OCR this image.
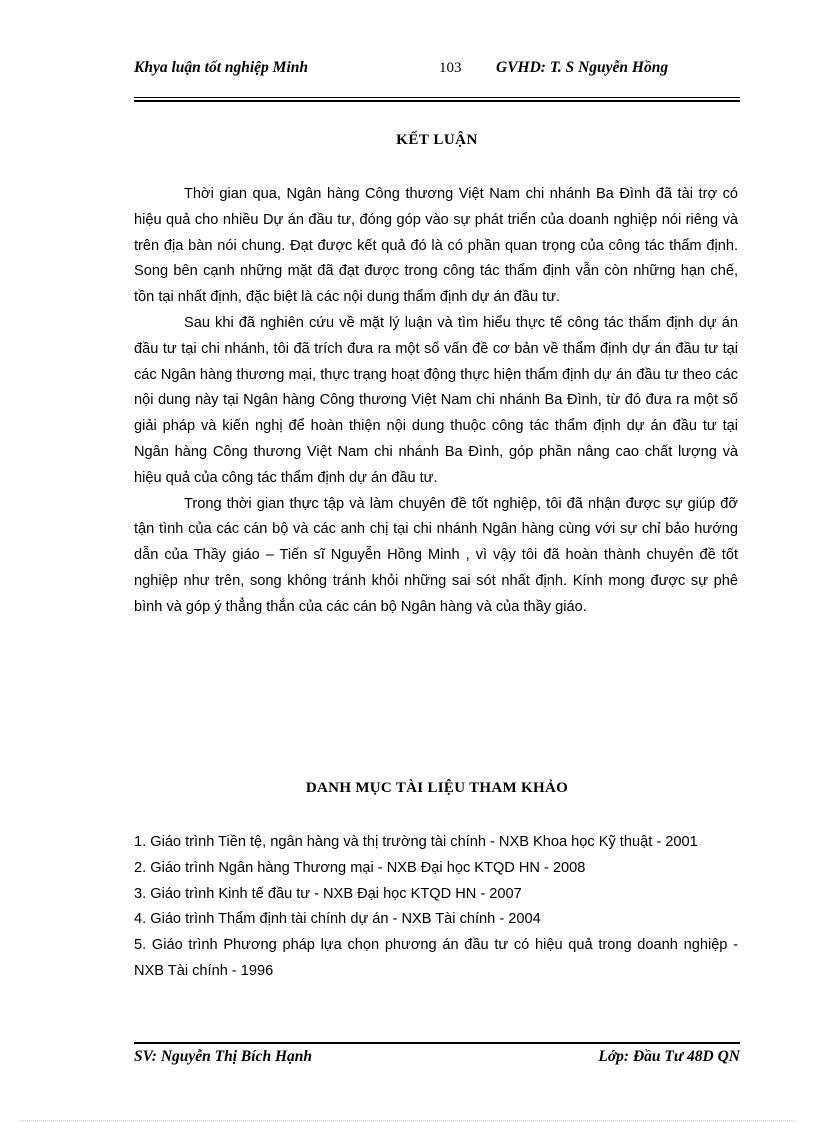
Khya luận tốt nghiệp Minh	103 GVHD: T. S Nguyễn Hồng
KẾT LUẬN

Thời gian qua, Ngân hàng Công thương Việt Nam chi nhánh Ba Đình đã tài trợ có hiệu quả cho nhiều Dự án đầu tư, đóng góp vào sự phát triển của doanh nghiệp nói riêng và trên địa bàn nói chung. Đạt được kết quả đó là có phần quan trọng của công tác thẩm định. Song bên cạnh những mặt đã đạt được trong công tác thẩm định vẫn còn những hạn chế, tồn tại nhất định, đặc biệt là các nội dung thẩm định dự án đầu tư.

Sau khi đã nghiên cứu về mặt lý luận và tìm hiểu thực tế công tác thẩm định dự án đầu tư tại chi nhánh, tôi đã trích đưa ra một số vấn đề cơ bản về thẩm định dự án đầu tư tại các Ngân hàng thương mại, thực trạng hoạt động thực hiện thẩm định dự án đầu tư theo các nội dung này tại Ngân hàng Công thương Việt Nam chi nhánh Ba Đình, từ đó đưa ra một số giải pháp và kiến nghị để hoàn thiện nội dung thuộc công tác thẩm định dự án đầu tư tại Ngân hàng Công thương Việt Nam chi nhánh Ba Đình, góp phần nâng cao chất lượng và hiệu quả của công tác thẩm định dự án đầu tư.

Trong thời gian thực tập và làm chuyên đề tốt nghiệp, tôi đã nhận được sự giúp đỡ tận tình của các cán bộ và các anh chị tại chi nhánh Ngân hàng cùng với sự chỉ bảo hướng dẫn của Thầy giáo – Tiến sĩ Nguyễn Hồng Minh , vì vậy tôi đã hoàn thành chuyên đề tốt nghiệp như trên, song không tránh khỏi những sai sót nhất định. Kính mong được sự phê bình và góp ý thẳng thắn của các cán bộ Ngân hàng và của thầy giáo.

DANH MỤC TÀI LIỆU THAM KHẢO
1. Giáo trình Tiền tệ, ngân hàng và thị trường tài chính - NXB Khoa học Kỹ thuật - 2001
2. Giáo trình Ngân hàng Thương mại - NXB Đại học KTQD HN - 2008
3. Giáo trình Kinh tế đầu tư - NXB Đại học KTQD HN - 2007
4. Giáo trình Thẩm định tài chính dự án - NXB Tài chính - 2004
5. Giáo trình Phương pháp lựa chọn phương án đầu tư có hiệu quả trong doanh nghiệp - NXB Tài chính - 1996
SV: Nguyễn Thị Bích Hạnh	Lớp: Đầu Tư 48D QN
